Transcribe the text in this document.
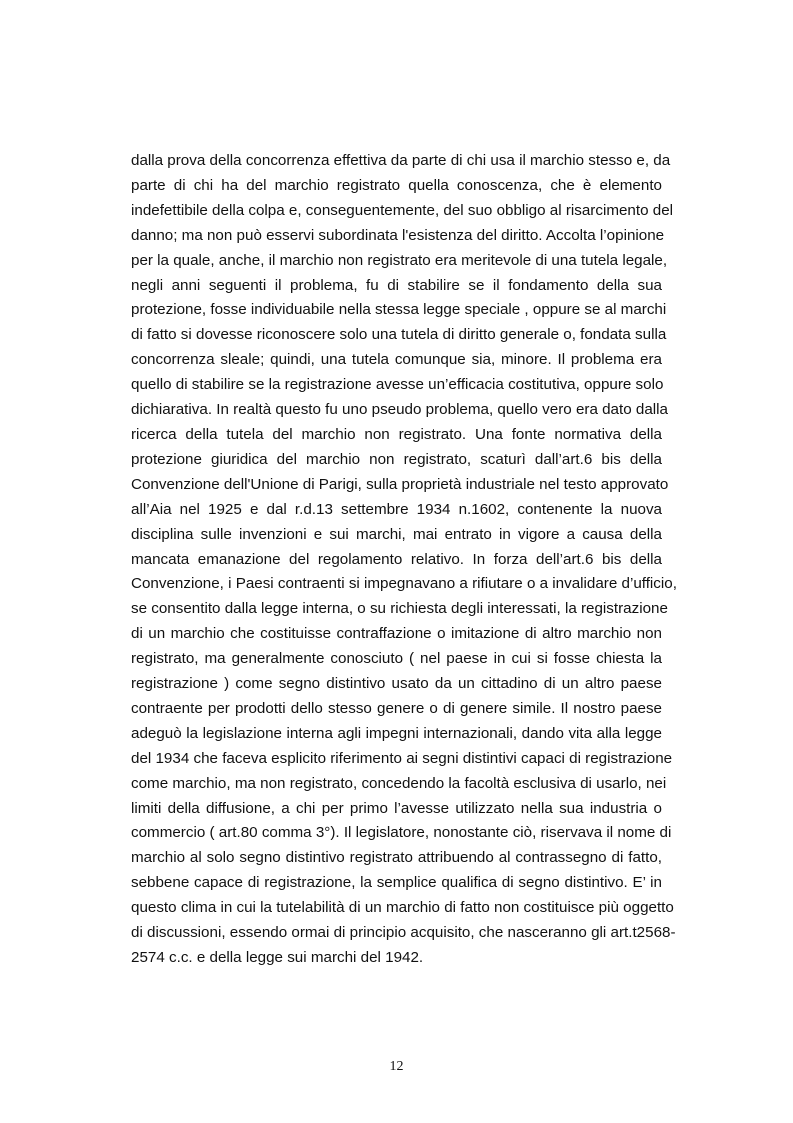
dalla prova della concorrenza effettiva da parte di chi usa il marchio stesso e, da
parte di chi ha del marchio registrato quella conoscenza, che è elemento
indefettibile della colpa e, conseguentemente, del suo obbligo al risarcimento del
danno; ma non può esservi subordinata l'esistenza del diritto. Accolta l’opinione
per la quale, anche, il marchio non registrato era meritevole di una tutela legale,
negli anni seguenti il problema, fu di stabilire se il fondamento della sua
protezione, fosse individuabile nella stessa legge speciale , oppure se al marchi
di fatto si dovesse riconoscere solo una tutela di diritto generale o, fondata sulla
concorrenza sleale; quindi, una tutela comunque sia, minore. Il problema era
quello di stabilire se la registrazione avesse un’efficacia costitutiva, oppure solo
dichiarativa. In realtà questo fu uno pseudo problema, quello vero era dato dalla
ricerca della tutela del marchio non registrato. Una fonte normativa della
protezione giuridica del marchio non registrato, scaturì dall’art.6 bis della
Convenzione dell'Unione di Parigi, sulla proprietà industriale nel testo approvato
all’Aia nel 1925 e dal r.d.13 settembre 1934 n.1602, contenente la nuova
disciplina sulle invenzioni e sui marchi, mai entrato in vigore a causa della
mancata emanazione del regolamento relativo. In forza dell’art.6 bis della
Convenzione, i Paesi contraenti si impegnavano a rifiutare o a invalidare d’ufficio,
se consentito dalla legge interna, o su richiesta degli interessati, la registrazione
di un marchio che costituisse contraffazione o imitazione di altro marchio non
registrato, ma generalmente conosciuto ( nel paese in cui si fosse chiesta la
registrazione ) come segno distintivo usato da un cittadino di un altro paese
contraente per prodotti dello stesso genere o di genere simile. Il nostro paese
adeguò la legislazione interna agli impegni internazionali, dando vita alla legge
del 1934 che faceva esplicito riferimento ai segni distintivi capaci di registrazione
come marchio, ma non registrato, concedendo la facoltà esclusiva di usarlo, nei
limiti della diffusione, a chi per primo l’avesse utilizzato nella sua industria o
commercio ( art.80 comma 3°). Il legislatore, nonostante ciò, riservava il nome di
marchio al solo segno distintivo registrato attribuendo al contrassegno di fatto,
sebbene capace di registrazione, la semplice qualifica di segno distintivo. E’ in
questo clima in cui la tutelabilità di un marchio di fatto non costituisce più oggetto
di discussioni, essendo ormai di principio acquisito, che nasceranno gli art.t2568-
2574 c.c. e della legge sui marchi del 1942.
12
